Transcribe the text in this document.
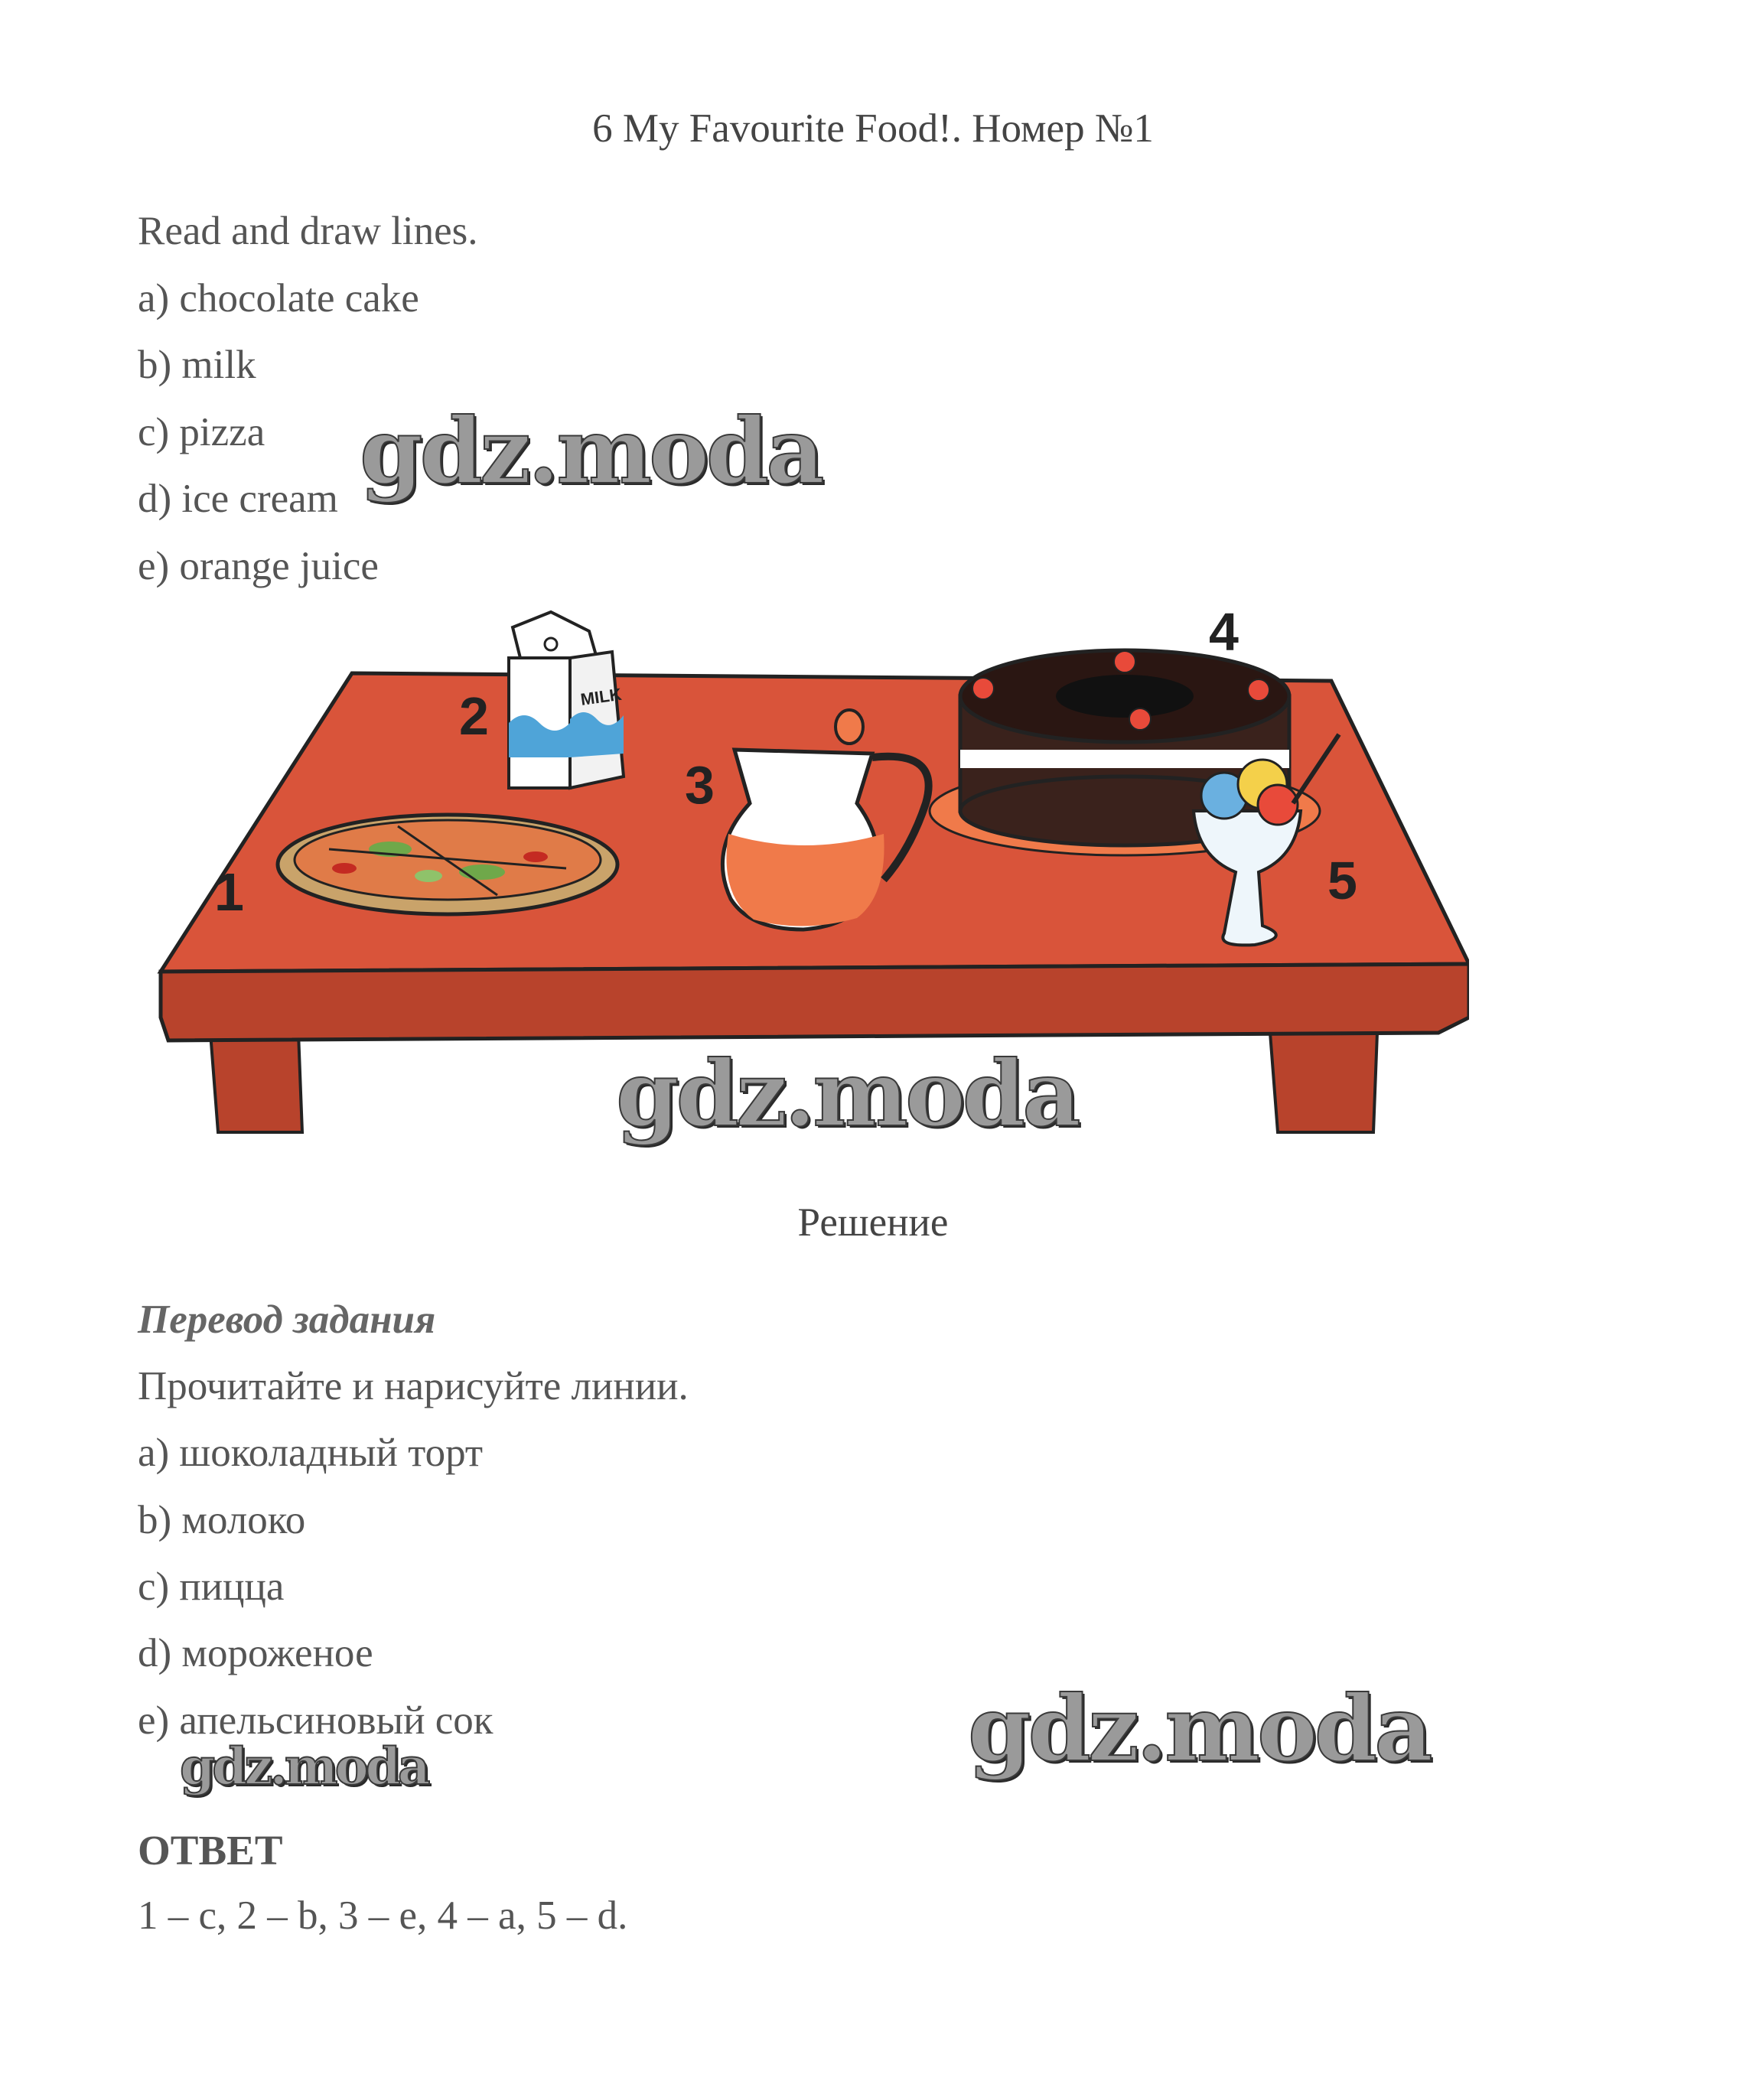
6 My Favourite Food!. Номер №1
Read and draw lines.
a) chocolate cake
b) milk
c) pizza
d) ice cream
e) orange juice
gdz.moda
MILK
1
2
3
4
5
gdz.moda
Решение
Перевод задания
Прочитайте и нарисуйте линии.
a) шоколадный торт
b) молоко
c) пицца
d) мороженое
e) апельсиновый сок
gdz.moda	gdz.moda
ОТВЕТ
1 – c, 2 – b, 3 – e, 4 – a, 5 – d.
